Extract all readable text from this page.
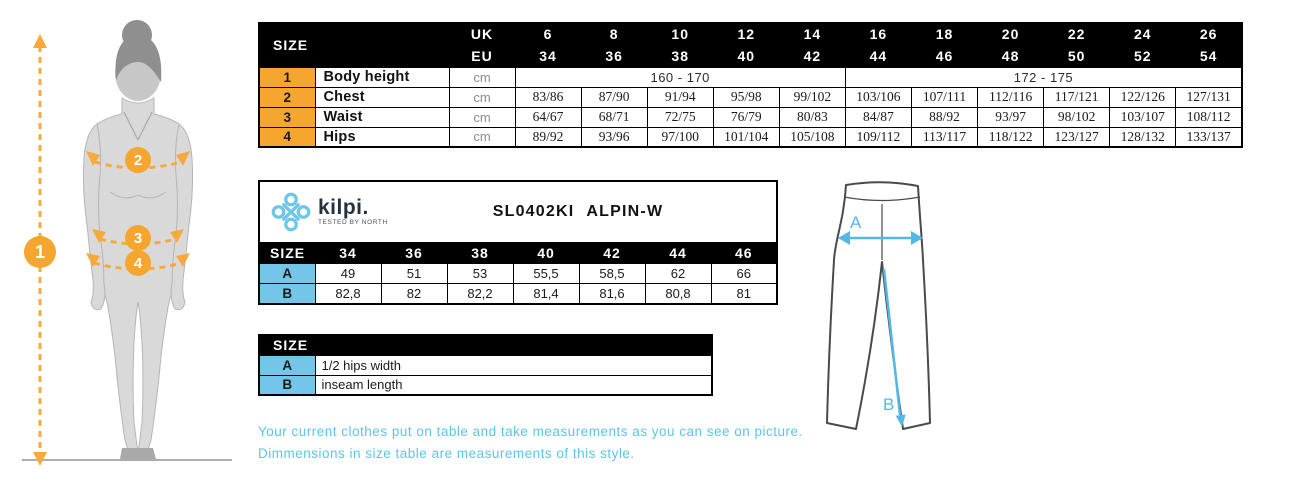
1
2
3
4
SIZE		UK	6	8	10	12	14	16	18	20	22	24	26
		EU	34	36	38	40	42	44	46	48	50	52	54
1	Body height	cm	160 - 170					172 - 175					
2	Chest	cm	83/86	87/90	91/94	95/98	99/102	103/106	107/111	112/116	117/121	122/126	127/131
3	Waist	cm	64/67	68/71	72/75	76/79	80/83	84/87	88/92	93/97	98/102	103/107	108/112
4	Hips	cm	89/92	93/96	97/100	101/104	105/108	109/112	113/117	118/122	123/127	128/132	133/137
kilpi.
TESTED BY NORTH
SL0402KI ALPIN-W							

SIZE	34	36	38	40	42	44	46
A	49	51	53	55,5	58,5	62	66
B	82,8	82	82,2	81,4	81,6	80,8	81
SIZE	
A	1/2 hips width
B	inseam length
Your current clothes put on table and take measurements as you can see on picture.
Dimmensions in size table are measurements of this style.
A
B
